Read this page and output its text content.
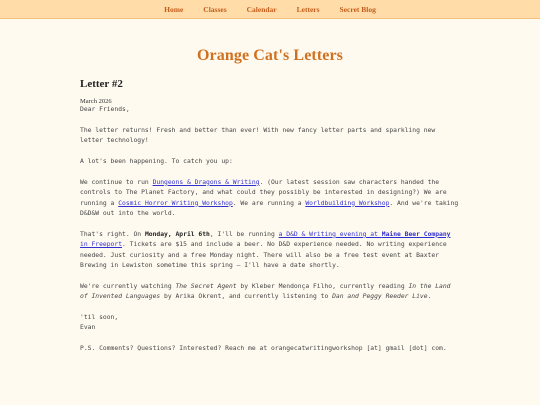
Home	Classes	Calendar	Letters	Secret Blog
Orange Cat's Letters
Letter #2
March 2026

Dear Friends,

The letter returns! Fresh and better than ever! With new fancy letter parts and sparkling new letter technology!

A lot's been happening. To catch you up:

We continue to run Dungeons & Dragons & Writing. (Our latest session saw characters handed the controls to The Planet Factory, and what could they possibly be interested in designing?) We are running a Cosmic Horror Writing Workshop. We are running a Worldbuilding Workshop. And we're taking D&D&W out into the world.

That's right. On Monday, April 6th, I'll be running a D&D & Writing evening at Maine Beer Company in Freeport. Tickets are $15 and include a beer. No D&D experience needed. No writing experience needed. Just curiosity and a free Monday night. There will also be a free test event at Baxter Brewing in Lewiston sometime this spring — I'll have a date shortly.

We're currently watching The Secret Agent by Kleber Mendonça Filho, currently reading In the Land of Invented Languages by Arika Okrent, and currently listening to Dan and Peggy Reeder Live.

'til soon,
Evan

P.S. Comments? Questions? Interested? Reach me at orangecatwritingworkshop [at] gmail [dot] com.
